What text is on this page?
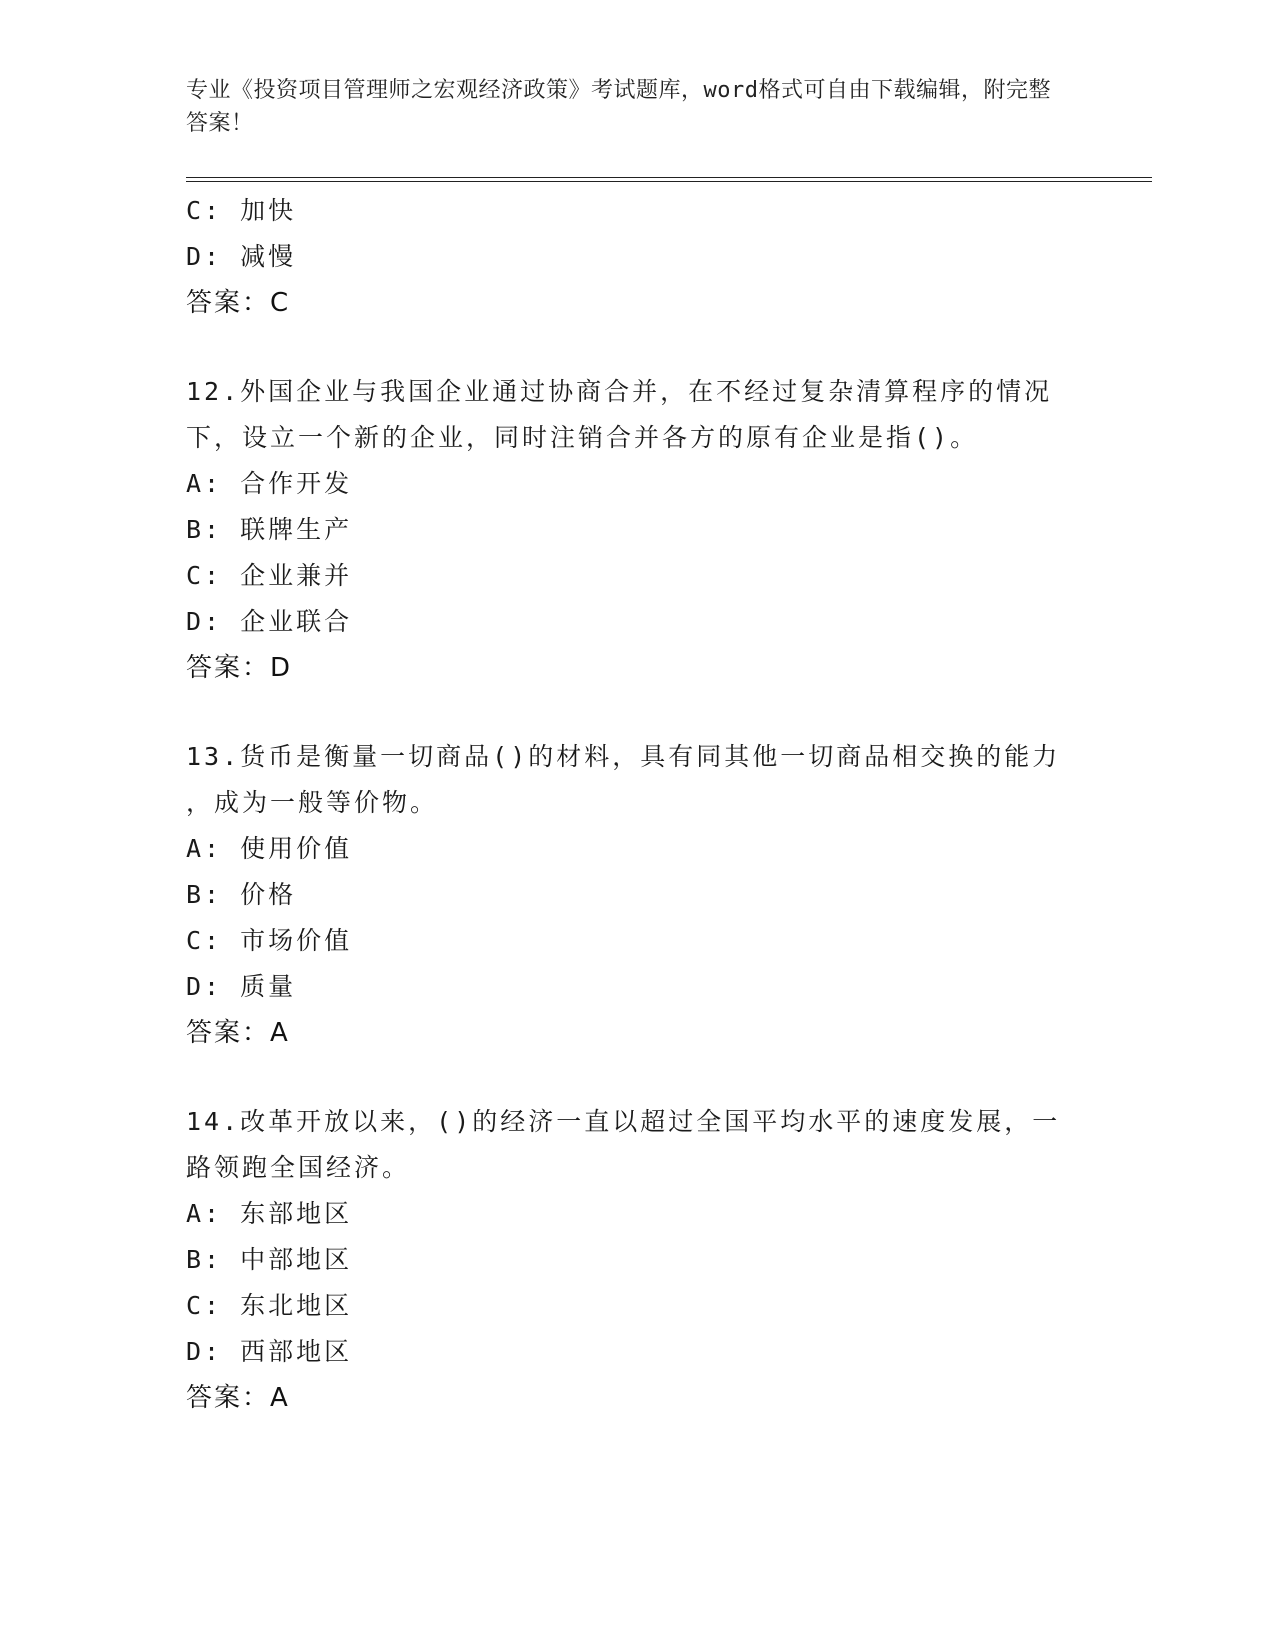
专业《投资项目管理师之宏观经济政策》考试题库，word格式可自由下载编辑，附完整答案！
C: 加快
D: 减慢
答案：C
12.外国企业与我国企业通过协商合并，在不经过复杂清算程序的情况
下，设立一个新的企业，同时注销合并各方的原有企业是指()。
A: 合作开发
B: 联牌生产
C: 企业兼并
D: 企业联合
答案：D
13.货币是衡量一切商品()的材料，具有同其他一切商品相交换的能力
，成为一般等价物。
A: 使用价值
B: 价格
C: 市场价值
D: 质量
答案：A
14.改革开放以来，()的经济一直以超过全国平均水平的速度发展，一
路领跑全国经济。
A: 东部地区
B: 中部地区
C: 东北地区
D: 西部地区
答案：A
